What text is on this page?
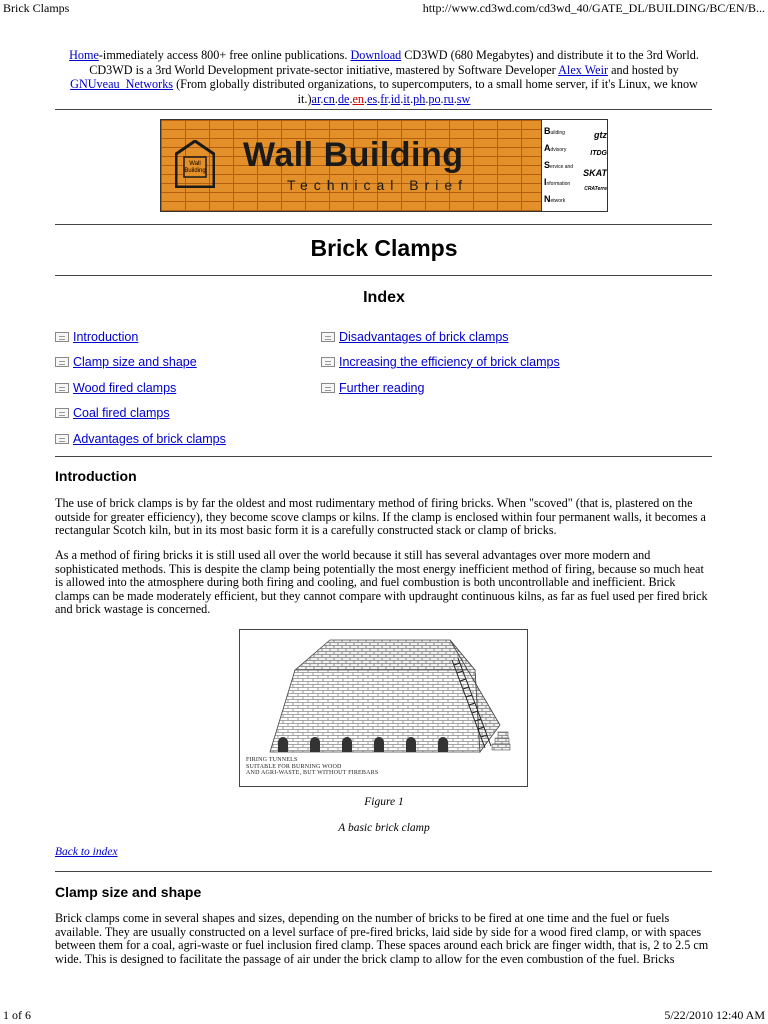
Brick Clamps	http://www.cd3wd.com/cd3wd_40/GATE_DL/BUILDING/BC/EN/B...
Home-immediately access 800+ free online publications. Download CD3WD (680 Megabytes) and distribute it to the 3rd World. CD3WD is a 3rd World Development private-sector initiative, mastered by Software Developer Alex Weir and hosted by GNUveau_Networks (From globally distributed organizations, to supercomputers, to a small home server, if it's Linux, we know it.)ar.cn.de.en.es.fr.id.it.ph.po.ru.sw
Wall
Building Wall Building
Technical Brief
Building
Advisory
Service and
Information
Network
gtz
ITDG
SKAT
CRATerre
Brick Clamps
Index
Introduction
Clamp size and shape
Wood fired clamps
Coal fired clamps
Advantages of brick clamps
Disadvantages of brick clamps
Increasing the efficiency of brick clamps
Further reading
Introduction
The use of brick clamps is by far the oldest and most rudimentary method of firing bricks. When "scoved" (that is, plastered on the outside for greater efficiency), they become scove clamps or kilns. If the clamp is enclosed within four permanent walls, it becomes a rectangular Scotch kiln, but in its most basic form it is a carefully constructed stack or clamp of bricks.
As a method of firing bricks it is still used all over the world because it still has several advantages over more modern and sophisticated methods. This is despite the clamp being potentially the most energy inefficient method of firing, because so much heat is allowed into the atmosphere during both firing and cooling, and fuel combustion is both uncontrollable and inefficient. Brick clamps can be made moderately efficient, but they cannot compare with updraught continuous kilns, as far as fuel used per fired brick and brick wastage is concerned.
FIRING TUNNELS
SUITABLE FOR BURNING WOOD
AND AGRI-WASTE, BUT WITHOUT FIREBARS
Figure 1
A basic brick clamp
Back to index
Clamp size and shape
Brick clamps come in several shapes and sizes, depending on the number of bricks to be fired at one time and the fuel or fuels available. They are usually constructed on a level surface of pre-fired bricks, laid side by side for a wood fired clamp, or with spaces between them for a coal, agri-waste or fuel inclusion fired clamp. These spaces around each brick are finger width, that is, 2 to 2.5 cm wide. This is designed to facilitate the passage of air under the brick clamp to allow for the even combustion of the fuel. Bricks
1 of 6	5/22/2010 12:40 AM
